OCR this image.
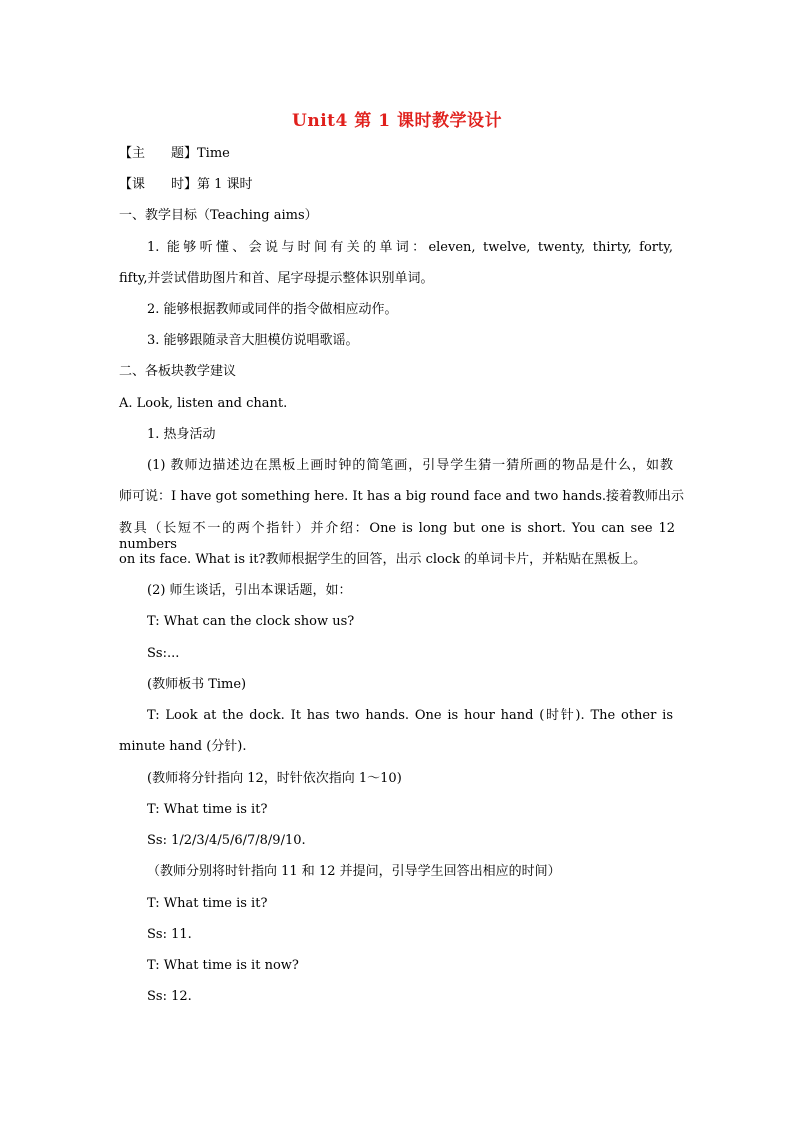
Unit4 第 1 课时教学设计
【主　　题】Time
【课　　时】第 1 课时
一、教学目标（Teaching aims）
1. 能够听懂、会说与时间有关的单词：eleven, twelve, twenty, thirty, forty,
fifty,并尝试借助图片和首、尾字母提示整体识别单词。
2. 能够根据教师或同伴的指令做相应动作。
3. 能够跟随录音大胆模仿说唱歌谣。
二、各板块教学建议
A. Look, listen and chant.
1. 热身活动
(1) 教师边描述边在黑板上画时钟的简笔画，引导学生猜一猜所画的物品是什么，如教
师可说：I have got something here. It has a big round face and two hands.接着教师出示
教具（长短不一的两个指针）并介绍：One is long but one is short. You can see 12 numbers
on its face. What is it?教师根据学生的回答，出示 clock 的单词卡片，并粘贴在黑板上。
(2) 师生谈话，引出本课话题，如：
T: What can the clock show us?
Ss:...
(教师板书 Time)
T: Look at the dock. It has two hands. One is hour hand (时针). The other is
minute hand (分针).
(教师将分针指向 12，时针依次指向 1～10)
T: What time is it?
Ss: 1/2/3/4/5/6/7/8/9/10.
（教师分别将时针指向 11 和 12 并提问，引导学生回答出相应的时间）
T: What time is it?
Ss: 11.
T: What time is it now?
Ss: 12.
